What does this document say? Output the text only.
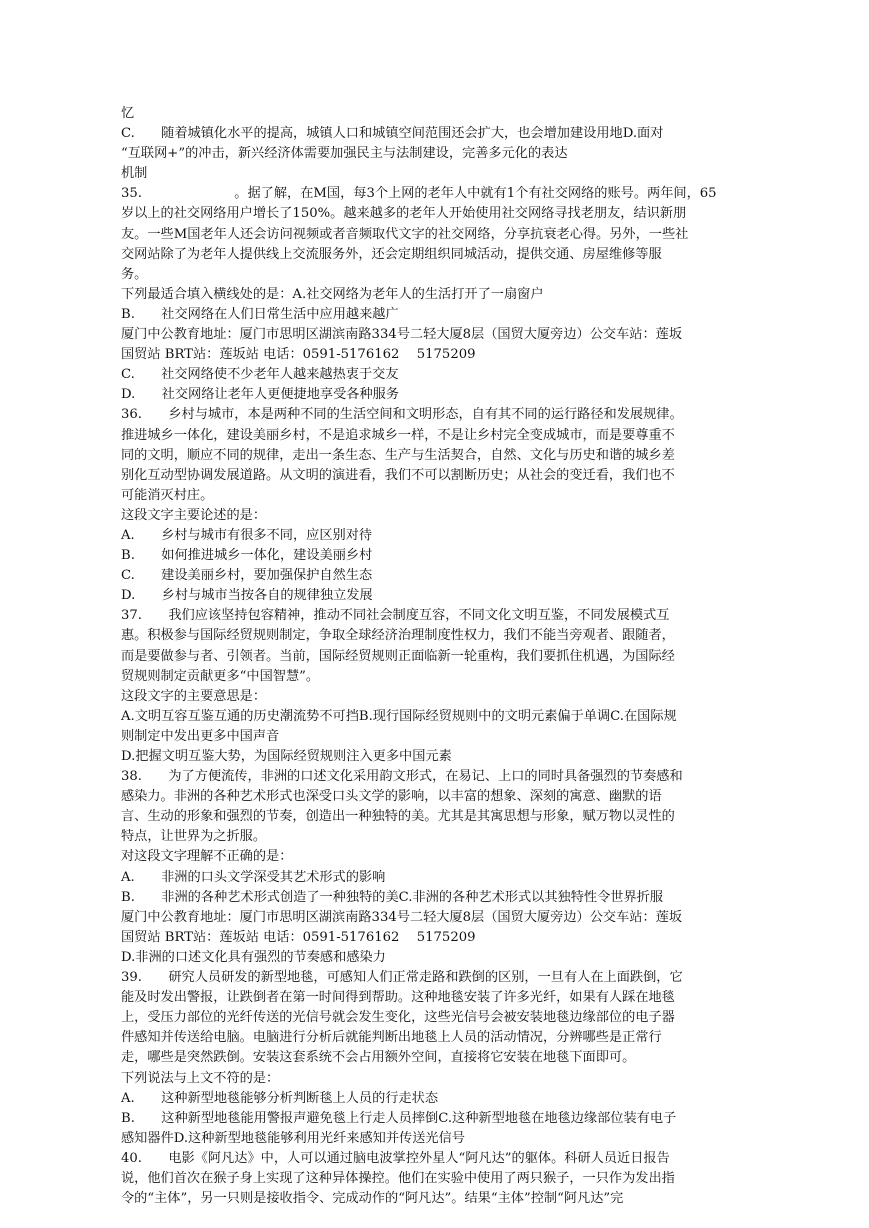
忆
C.　　随着城镇化水平的提高，城镇人口和城镇空间范围还会扩大，也会增加建设用地D.面对
“互联网+”的冲击，新兴经济体需要加强民主与法制建设，完善多元化的表达
机制
35.　　　　　　　。据了解，在M国，每3个上网的老年人中就有1个有社交网络的账号。两年间，65
岁以上的社交网络用户增长了150%。越来越多的老年人开始使用社交网络寻找老朋友，结识新朋
友。一些M国老年人还会访问视频或者音频取代文字的社交网络，分享抗衰老心得。另外，一些社
交网站除了为老年人提供线上交流服务外，还会定期组织同城活动，提供交通、房屋维修等服
务。
下列最适合填入横线处的是：A.社交网络为老年人的生活打开了一扇窗户
B.　　社交网络在人们日常生活中应用越来越广
厦门中公教育地址：厦门市思明区湖滨南路334号二轻大厦8层（国贸大厦旁边）公交车站：莲坂
国贸站 BRT站：莲坂站 电话：0591-5176162　 5175209
C.　　社交网络使不少老年人越来越热衷于交友
D.　　社交网络让老年人更便捷地享受各种服务
36.　　乡村与城市，本是两种不同的生活空间和文明形态，自有其不同的运行路径和发展规律。
推进城乡一体化，建设美丽乡村，不是追求城乡一样，不是让乡村完全变成城市，而是要尊重不
同的文明，顺应不同的规律，走出一条生态、生产与生活契合，自然、文化与历史和谐的城乡差
别化互动型协调发展道路。从文明的演进看，我们不可以割断历史；从社会的变迁看，我们也不
可能消灭村庄。
这段文字主要论述的是：
A.　　乡村与城市有很多不同，应区别对待
B.　　如何推进城乡一体化，建设美丽乡村
C.　　建设美丽乡村，要加强保护自然生态
D.　　乡村与城市当按各自的规律独立发展
37.　　我们应该坚持包容精神，推动不同社会制度互容，不同文化文明互鉴，不同发展模式互
惠。积极参与国际经贸规则制定，争取全球经济治理制度性权力，我们不能当旁观者、跟随者，
而是要做参与者、引领者。当前，国际经贸规则正面临新一轮重构，我们要抓住机遇，为国际经
贸规则制定贡献更多“中国智慧”。
这段文字的主要意思是：
A.文明互容互鉴互通的历史潮流势不可挡B.现行国际经贸规则中的文明元素偏于单调C.在国际规
则制定中发出更多中国声音
D.把握文明互鉴大势，为国际经贸规则注入更多中国元素
38.　　为了方便流传，非洲的口述文化采用韵文形式，在易记、上口的同时具备强烈的节奏感和
感染力。非洲的各种艺术形式也深受口头文学的影响，以丰富的想象、深刻的寓意、幽默的语
言、生动的形象和强烈的节奏，创造出一种独特的美。尤其是其寓思想与形象，赋万物以灵性的
特点，让世界为之折服。
对这段文字理解不正确的是：
A.　　非洲的口头文学深受其艺术形式的影响
B.　　非洲的各种艺术形式创造了一种独特的美C.非洲的各种艺术形式以其独特性令世界折服
厦门中公教育地址：厦门市思明区湖滨南路334号二轻大厦8层（国贸大厦旁边）公交车站：莲坂
国贸站 BRT站：莲坂站 电话：0591-5176162　 5175209
D.非洲的口述文化具有强烈的节奏感和感染力
39.　　研究人员研发的新型地毯，可感知人们正常走路和跌倒的区别，一旦有人在上面跌倒，它
能及时发出警报，让跌倒者在第一时间得到帮助。这种地毯安装了许多光纤，如果有人踩在地毯
上，受压力部位的光纤传送的光信号就会发生变化，这些光信号会被安装地毯边缘部位的电子器
件感知并传送给电脑。电脑进行分析后就能判断出地毯上人员的活动情况，分辨哪些是正常行
走，哪些是突然跌倒。安装这套系统不会占用额外空间，直接将它安装在地毯下面即可。
下列说法与上文不符的是：
A.　　这种新型地毯能够分析判断毯上人员的行走状态
B.　　这种新型地毯能用警报声避免毯上行走人员摔倒C.这种新型地毯在地毯边缘部位装有电子
感知器件D.这种新型地毯能够利用光纤来感知并传送光信号
40.　　电影《阿凡达》中，人可以通过脑电波掌控外星人“阿凡达”的躯体。科研人员近日报告
说，他们首次在猴子身上实现了这种异体操控。他们在实验中使用了两只猴子，一只作为发出指
令的“主体”，另一只则是接收指令、完成动作的“阿凡达”。结果“主体”控制“阿凡达”完
